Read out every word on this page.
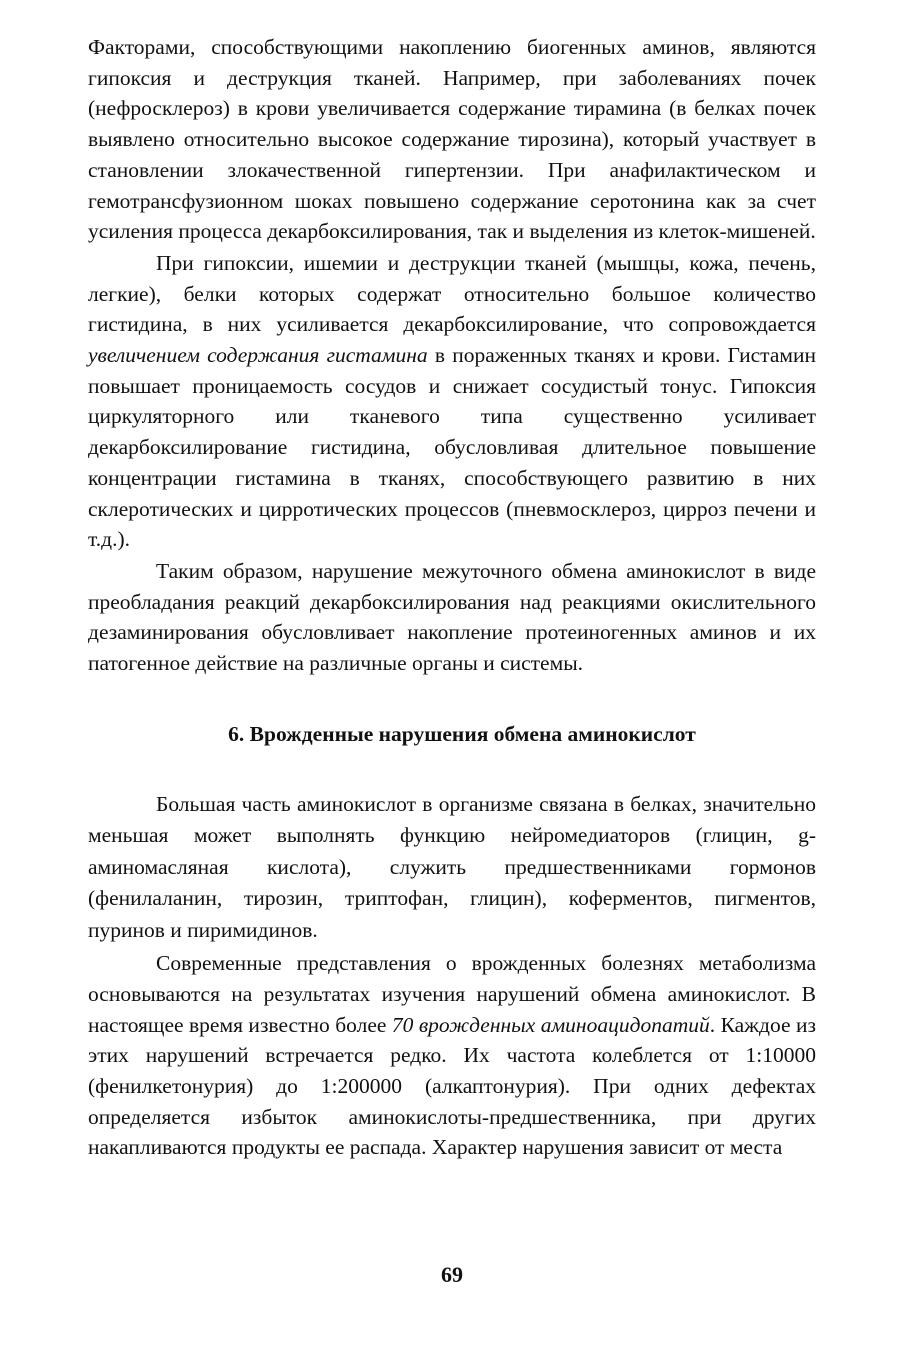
Факторами, способствующими накоплению биогенных аминов, являются гипоксия и деструкция тканей. Например, при заболеваниях почек (нефросклероз) в крови увеличивается содержание тирамина (в белках почек выявлено относительно высокое содержание тирозина), который участвует в становлении злокачественной гипертензии. При анафилактическом и гемотрансфузионном шоках повышено содержание серотонина как за счет усиления процесса декарбоксилирования, так и выделения из клеток-мишеней.

При гипоксии, ишемии и деструкции тканей (мышцы, кожа, печень, легкие), белки которых содержат относительно большое количество гистидина, в них усиливается декарбоксилирование, что сопровождается увеличением содержания гистамина в пораженных тканях и крови. Гистамин повышает проницаемость сосудов и снижает сосудистый тонус. Гипоксия циркуляторного или тканевого типа существенно усиливает декарбоксилирование гистидина, обусловливая длительное повышение концентрации гистамина в тканях, способствующего развитию в них склеротических и цирротических процессов (пневмосклероз, цирроз печени и т.д.).

Таким образом, нарушение межуточного обмена аминокислот в виде преобладания реакций декарбоксилирования над реакциями окислительного дезаминирования обусловливает накопление протеиногенных аминов и их патогенное действие на различные органы и системы.

6. Врожденные нарушения обмена аминокислот

Большая часть аминокислот в организме связана в белках, значительно меньшая может выполнять функцию нейромедиаторов (глицин, g-аминомасляная кислота), служить предшественниками гормонов (фенилаланин, тирозин, триптофан, глицин), коферментов, пигментов, пуринов и пиримидинов.

Современные представления о врожденных болезнях метаболизма основываются на результатах изучения нарушений обмена аминокислот. В настоящее время известно более 70 врожденных аминоацидопатий. Каждое из этих нарушений встречается редко. Их частота колеблется от 1:10000 (фенилкетонурия) до 1:200000 (алкаптонурия). При одних дефектах определяется избыток аминокислоты-предшественника, при других накапливаются продукты ее распада. Характер нарушения зависит от места

69
